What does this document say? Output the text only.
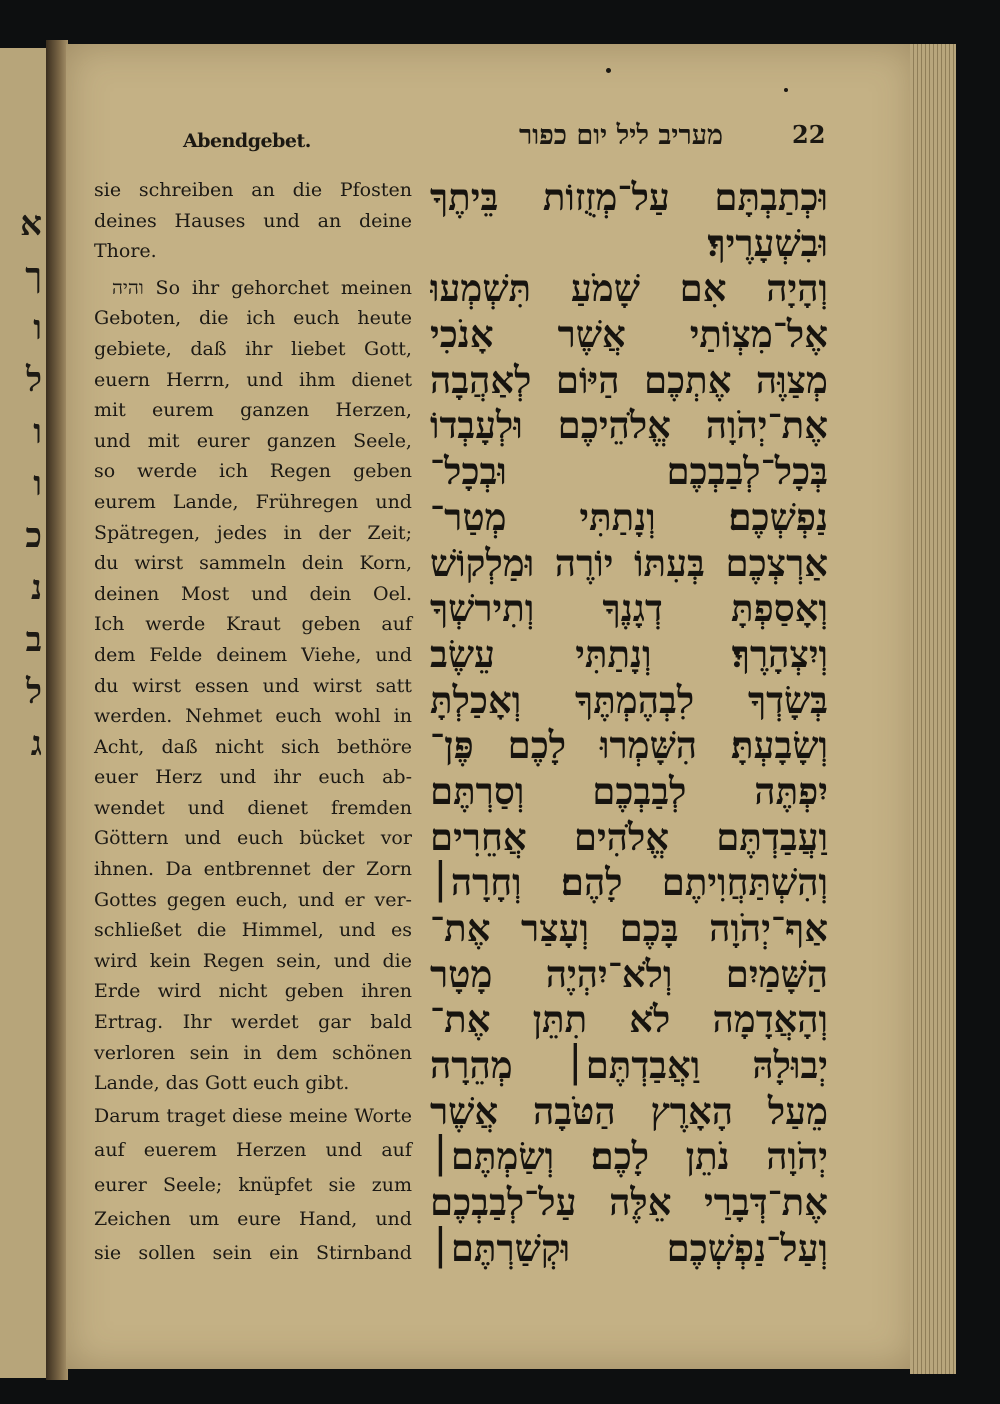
א
ך
ו
ל
ו
ו
כ
נ
ב
ל
ג
Abendgebet.	מעריב ליל יום כפור	22
sie schreiben an die Pfosten
deines Hauses und an deine
Thore.
והיה So ihr gehorchet meinen
Geboten, die ich euch heute
gebiete, daß ihr liebet Gott,
euern Herrn, und ihm dienet
mit eurem ganzen Herzen,
und mit eurer ganzen Seele,
so werde ich Regen geben
eurem Lande, Frühregen und
Spätregen, jedes in der Zeit;
du wirst sammeln dein Korn,
deinen Most und dein Oel.
Ich werde Kraut geben auf
dem Felde deinem Viehe, und
du wirst essen und wirst satt
werden. Nehmet euch wohl in
Acht, daß nicht sich bethöre
euer Herz und ihr euch ab-
wendet und dienet fremden
Göttern und euch bücket vor
ihnen. Da entbrennet der Zorn
Gottes gegen euch, und er ver-
schließet die Himmel, und es
wird kein Regen sein, und die
Erde wird nicht geben ihren
Ertrag. Ihr werdet gar bald
verloren sein in dem schönen
Lande, das Gott euch gibt.
Darum traget diese meine Worte
auf euerem Herzen und auf
eurer Seele; knüpfet sie zum
Zeichen um eure Hand, und
sie sollen sein ein Stirnband
וּכְתַבְתָּם עַל־מְזֻזוֹת בֵּיתֶךָ
וּבִשְׁעָרֶיךָ׃
וְהָיָה אִם שָׁמֹעַ תִּשְׁמְעוּ
אֶל־מִצְוֹתַי אֲשֶׁר אָנֹכִי
מְצַוֶּה אֶתְכֶם הַיּוֹם לְאַהֲבָה
אֶת־יְהֹוָה אֱלֹהֵיכֶם וּלְעָבְדוֹ
בְּכָל־לְבַבְכֶם וּבְכָל־
נַפְשְׁכֶם׃ וְנָתַתִּי מְטַר־
אַרְצְכֶם בְּעִתּוֹ יוֹרֶה וּמַלְקוֹשׁ
וְאָסַפְתָּ דְגָנֶךָ וְתִירשְׁךָ
וְיִצְהָרֶךָ׃ וְנָתַתִּי עֵשֶׂב
בְּשָׂדְךָ לִבְהֶמְתֶּךָ וְאָכַלְתָּ
וְשָׂבָעְתָּ׃ הִשָּׁמְרוּ לָכֶם פֶּן־
יִפְתֶּה לְבַבְכֶם וְסַרְתֶּם
וַעֲבַדְתֶּם אֱלֹהִים אֲחֵרִים
וְהִשְׁתַּחֲוִיתֶם לָהֶם׃ וְחָרָה׀
אַף־יְהֹוָה בָּכֶם וְעָצַר אֶת־
הַשָּׁמַיִם וְלֹא־יִהְיֶה מָטָר
וְהָאֲדָמָה לֹא תִתֵּן אֶת־
יְבוּלָהּ וַאֲבַדְתֶּם׀ מְהֵרָה
מֵעַל הָאָרֶץ הַטֹּבָה אֲשֶׁר
יְהֹוָה נֹתֵן לָכֶם׃ וְשַׂמְתֶּם׀
אֶת־דְּבָרַי אֵלֶּה עַל־לְבַבְכֶם
וְעַל־נַפְשְׁכֶם וּקְשַׁרְתֶּם׀
